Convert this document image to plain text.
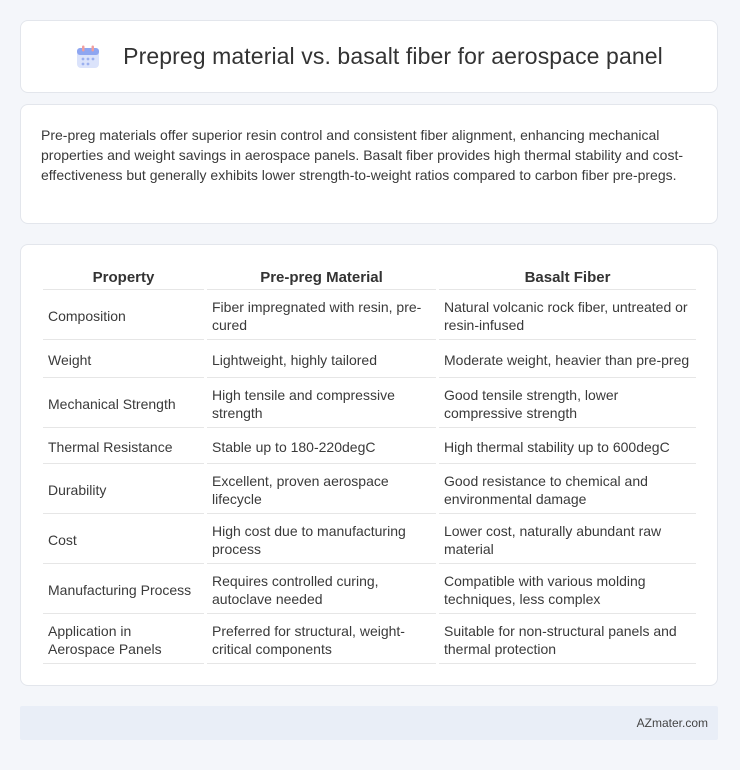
Prepreg material vs. basalt fiber for aerospace panel

Pre-preg materials offer superior resin control and consistent fiber alignment, enhancing mechanical properties and weight savings in aerospace panels. Basalt fiber provides high thermal stability and cost-effectiveness but generally exhibits lower strength-to-weight ratios compared to carbon fiber pre-pregs.

Property	Pre-preg Material	Basalt Fiber
Composition	Fiber impregnated with resin, pre-cured	Natural volcanic rock fiber, untreated or resin-infused
Weight	Lightweight, highly tailored	Moderate weight, heavier than pre-preg
Mechanical Strength	High tensile and compressive strength	Good tensile strength, lower compressive strength
Thermal Resistance	Stable up to 180-220degC	High thermal stability up to 600degC
Durability	Excellent, proven aerospace lifecycle	Good resistance to chemical and environmental damage
Cost	High cost due to manufacturing process	Lower cost, naturally abundant raw material
Manufacturing Process	Requires controlled curing, autoclave needed	Compatible with various molding techniques, less complex
Application in Aerospace Panels	Preferred for structural, weight-critical components	Suitable for non-structural panels and thermal protection
AZmater.com
